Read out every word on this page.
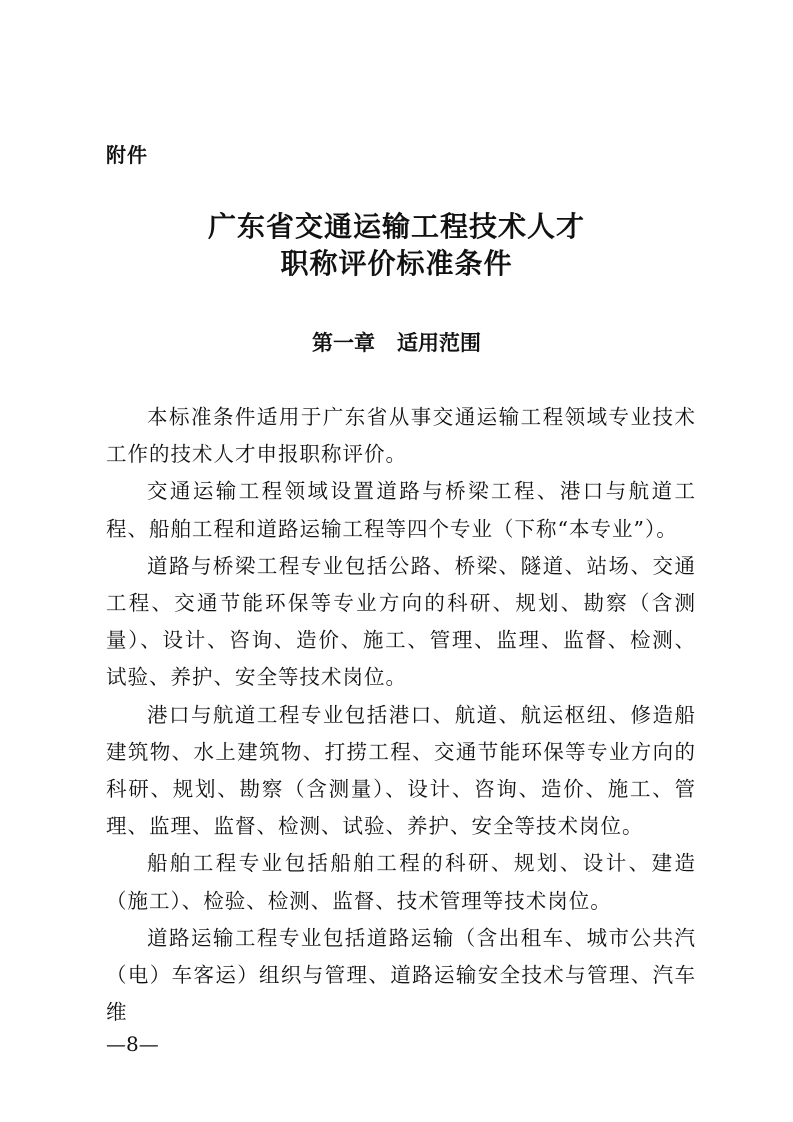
附件
广东省交通运输工程技术人才
职称评价标准条件
第一章 适用范围

本标准条件适用于广东省从事交通运输工程领域专业技术工作的技术人才申报职称评价。

交通运输工程领域设置道路与桥梁工程、港口与航道工程、船舶工程和道路运输工程等四个专业（下称“本专业”）。

道路与桥梁工程专业包括公路、桥梁、隧道、站场、交通工程、交通节能环保等专业方向的科研、规划、勘察（含测量）、设计、咨询、造价、施工、管理、监理、监督、检测、试验、养护、安全等技术岗位。

港口与航道工程专业包括港口、航道、航运枢纽、修造船建筑物、水上建筑物、打捞工程、交通节能环保等专业方向的科研、规划、勘察（含测量）、设计、咨询、造价、施工、管理、监理、监督、检测、试验、养护、安全等技术岗位。

船舶工程专业包括船舶工程的科研、规划、设计、建造（施工）、检验、检测、监督、技术管理等技术岗位。

道路运输工程专业包括道路运输（含出租车、城市公共汽（电）车客运）组织与管理、道路运输安全技术与管理、汽车维

—8—
